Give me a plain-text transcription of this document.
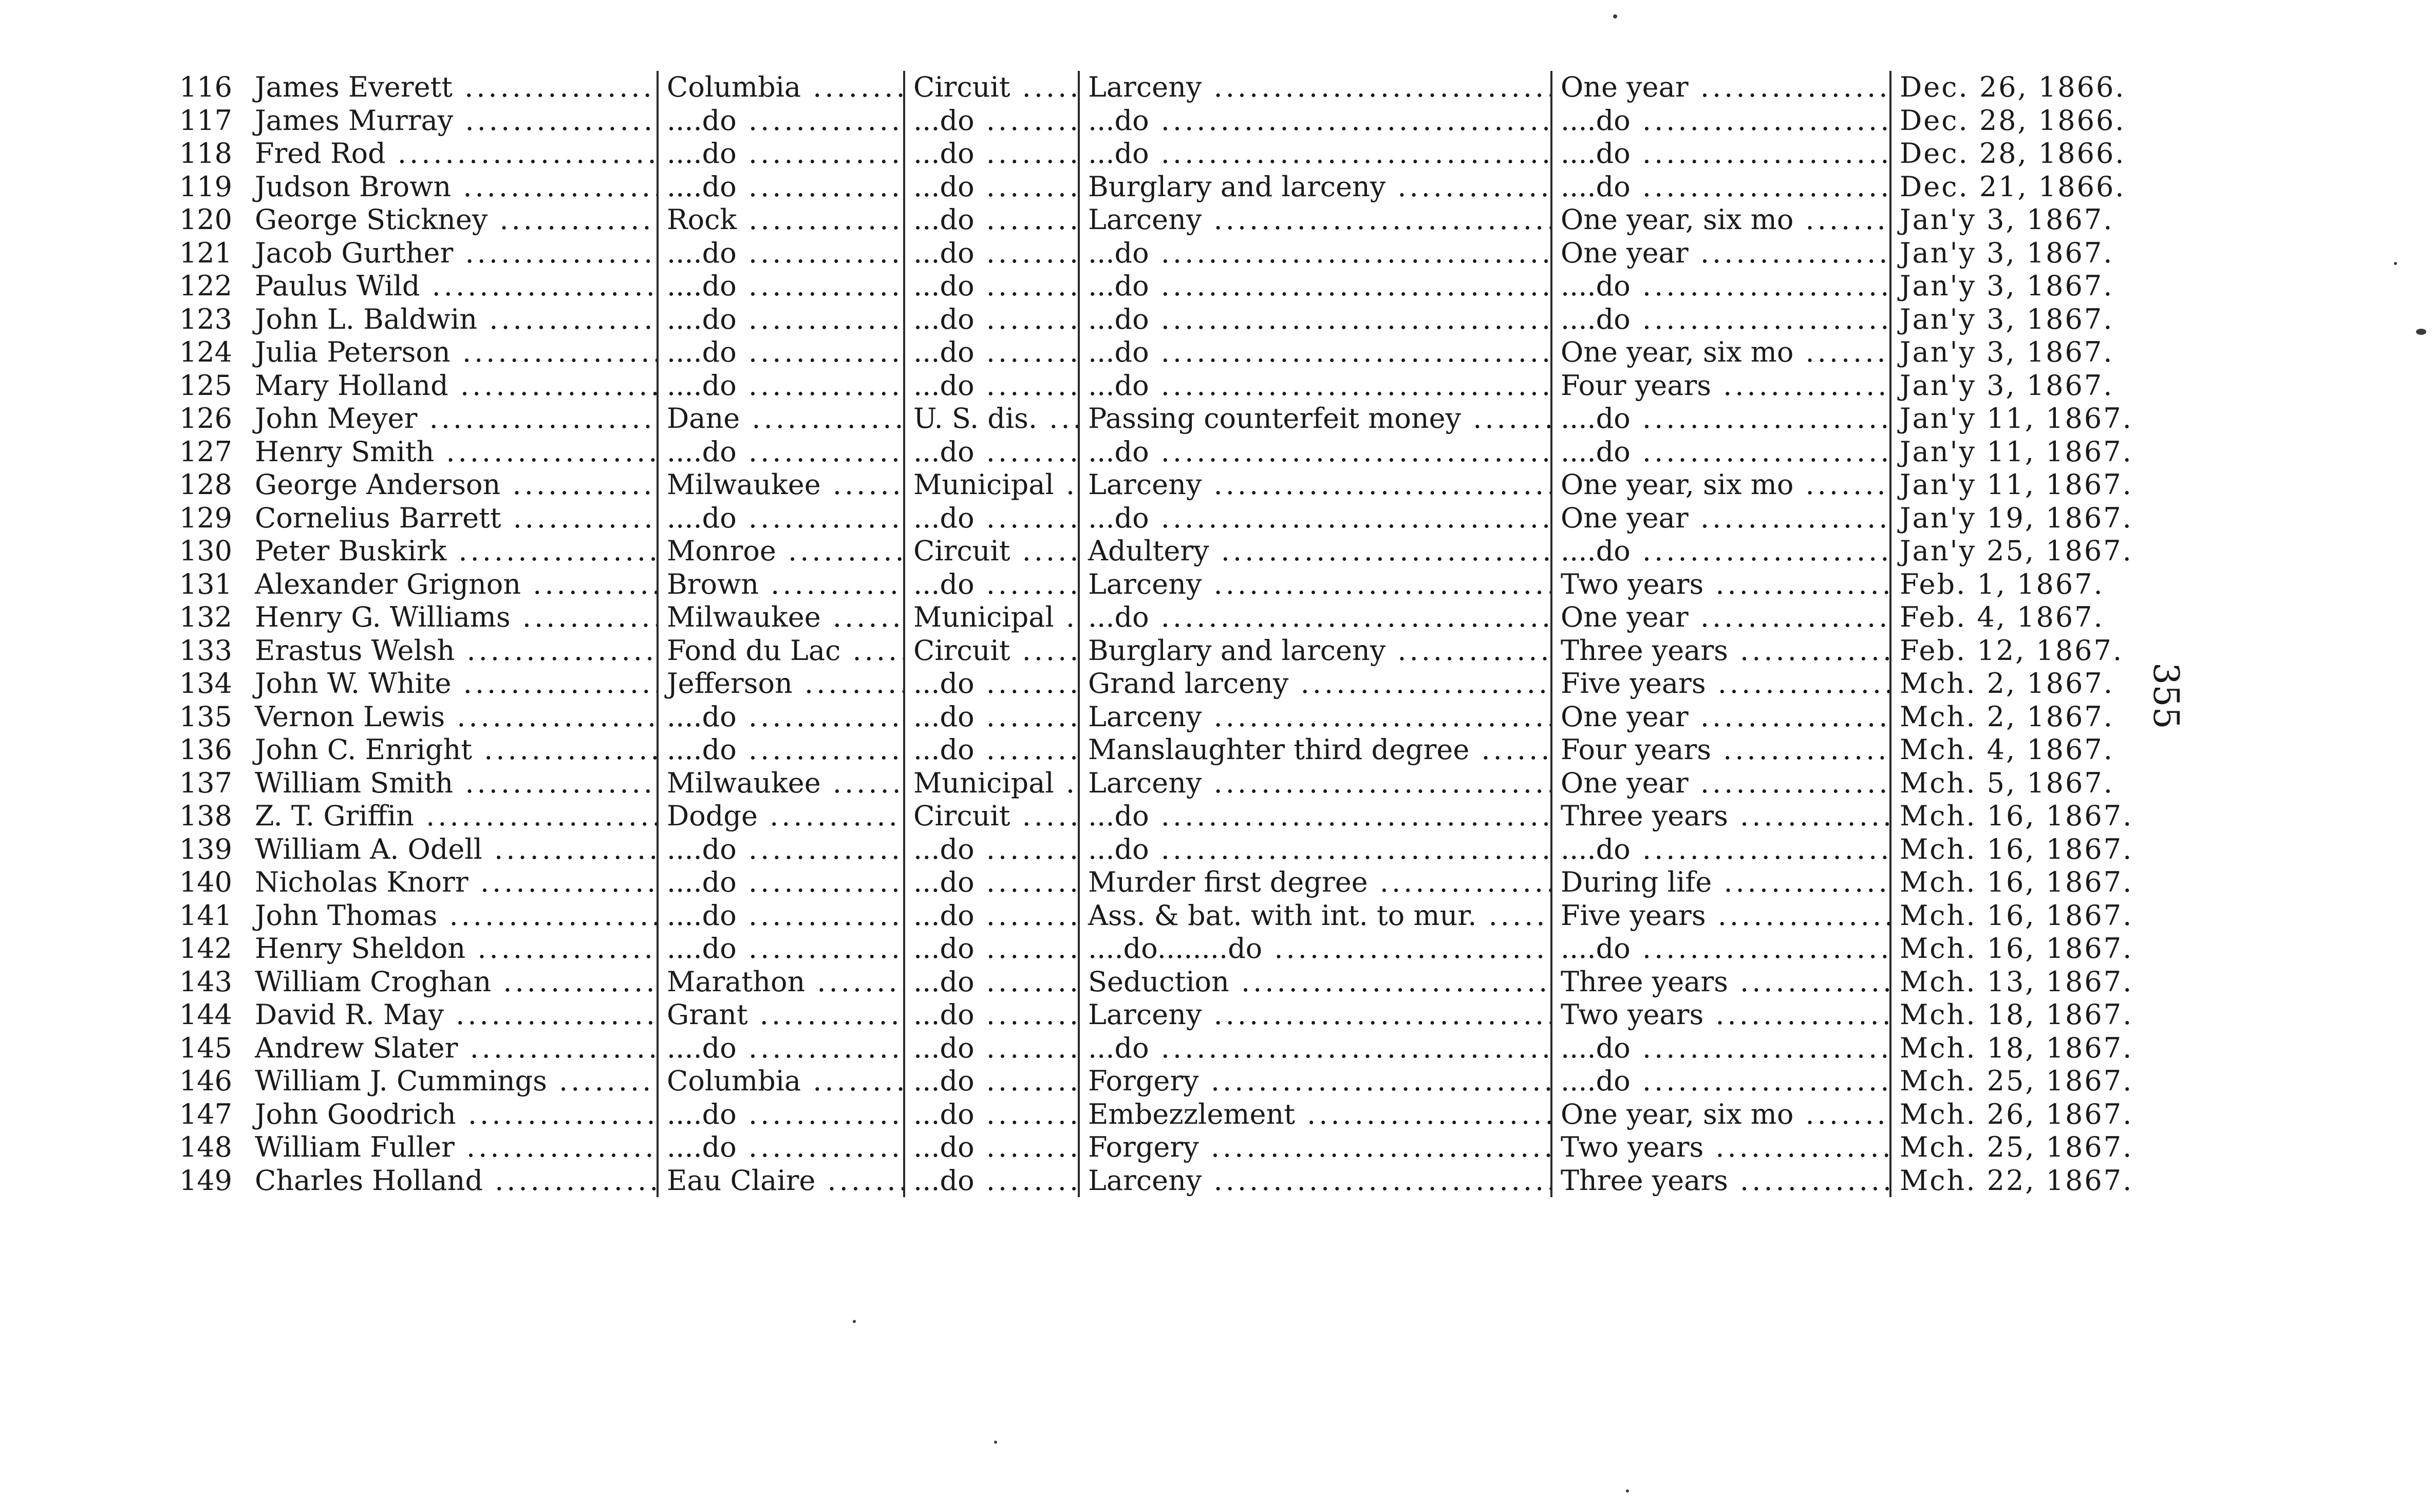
116	James Everett .....	Columbia .....	Circuit .....	Larceny .....	One year .....	Dec. 26, 1866.
117	James Murray .....	....do .....	...do .....	...do .....	....do .....	Dec. 28, 1866.
118	Fred Rod .....	....do .....	...do .....	...do .....	....do .....	Dec. 28, 1866.
119	Judson Brown .....	....do .....	...do .....	Burglary and larceny .....	....do .....	Dec. 21, 1866.
120	George Stickney .....	Rock .....	...do .....	Larceny .....	One year, six mo .....	Jan'y 3, 1867.
121	Jacob Gurther .....	....do .....	...do .....	...do .....	One year .....	Jan'y 3, 1867.
122	Paulus Wild .....	....do .....	...do .....	...do .....	....do .....	Jan'y 3, 1867.
123	John L. Baldwin .....	....do .....	...do .....	...do .....	....do .....	Jan'y 3, 1867.
124	Julia Peterson .....	....do .....	...do .....	...do .....	One year, six mo .....	Jan'y 3, 1867.
125	Mary Holland .....	....do .....	...do .....	...do .....	Four years .....	Jan'y 3, 1867.
126	John Meyer .....	Dane .....	U. S. dis. .....	Passing counterfeit money .....	....do .....	Jan'y 11, 1867.
127	Henry Smith .....	....do .....	...do .....	...do .....	....do .....	Jan'y 11, 1867.
128	George Anderson .....	Milwaukee .....	Municipal .....	Larceny .....	One year, six mo .....	Jan'y 11, 1867.
129	Cornelius Barrett .....	....do .....	...do .....	...do .....	One year .....	Jan'y 19, 1867.
130	Peter Buskirk .....	Monroe .....	Circuit .....	Adultery .....	....do .....	Jan'y 25, 1867.
131	Alexander Grignon .....	Brown .....	...do .....	Larceny .....	Two years .....	Feb. 1, 1867.
132	Henry G. Williams .....	Milwaukee .....	Municipal .....	...do .....	One year .....	Feb. 4, 1867.
133	Erastus Welsh .....	Fond du Lac .....	Circuit .....	Burglary and larceny .....	Three years .....	Feb. 12, 1867.
134	John W. White .....	Jefferson .....	...do .....	Grand larceny .....	Five years .....	Mch. 2, 1867.
135	Vernon Lewis .....	....do .....	...do .....	Larceny .....	One year .....	Mch. 2, 1867.
136	John C. Enright .....	....do .....	...do .....	Manslaughter third degree .....	Four years .....	Mch. 4, 1867.
137	William Smith .....	Milwaukee .....	Municipal .....	Larceny .....	One year .....	Mch. 5, 1867.
138	Z. T. Griffin .....	Dodge .....	Circuit .....	...do .....	Three years .....	Mch. 16, 1867.
139	William A. Odell .....	....do .....	...do .....	...do .....	....do .....	Mch. 16, 1867.
140	Nicholas Knorr .....	....do .....	...do .....	Murder first degree .....	During life .....	Mch. 16, 1867.
141	John Thomas .....	....do .....	...do .....	Ass. & bat. with int. to mur. .....	Five years .....	Mch. 16, 1867.
142	Henry Sheldon .....	....do .....	...do .....	....do........do .....	....do .....	Mch. 16, 1867.
143	William Croghan .....	Marathon .....	...do .....	Seduction .....	Three years .....	Mch. 13, 1867.
144	David R. May .....	Grant .....	...do .....	Larceny .....	Two years .....	Mch. 18, 1867.
145	Andrew Slater .....	....do .....	...do .....	...do .....	....do .....	Mch. 18, 1867.
146	William J. Cummings .....	Columbia .....	...do .....	Forgery .....	....do .....	Mch. 25, 1867.
147	John Goodrich .....	....do .....	...do .....	Embezzlement .....	One year, six mo .....	Mch. 26, 1867.
148	William Fuller .....	....do .....	...do .....	Forgery .....	Two years .....	Mch. 25, 1867.
149	Charles Holland .....	Eau Claire .....	...do .....	Larceny .....	Three years .....	Mch. 22, 1867.
355
